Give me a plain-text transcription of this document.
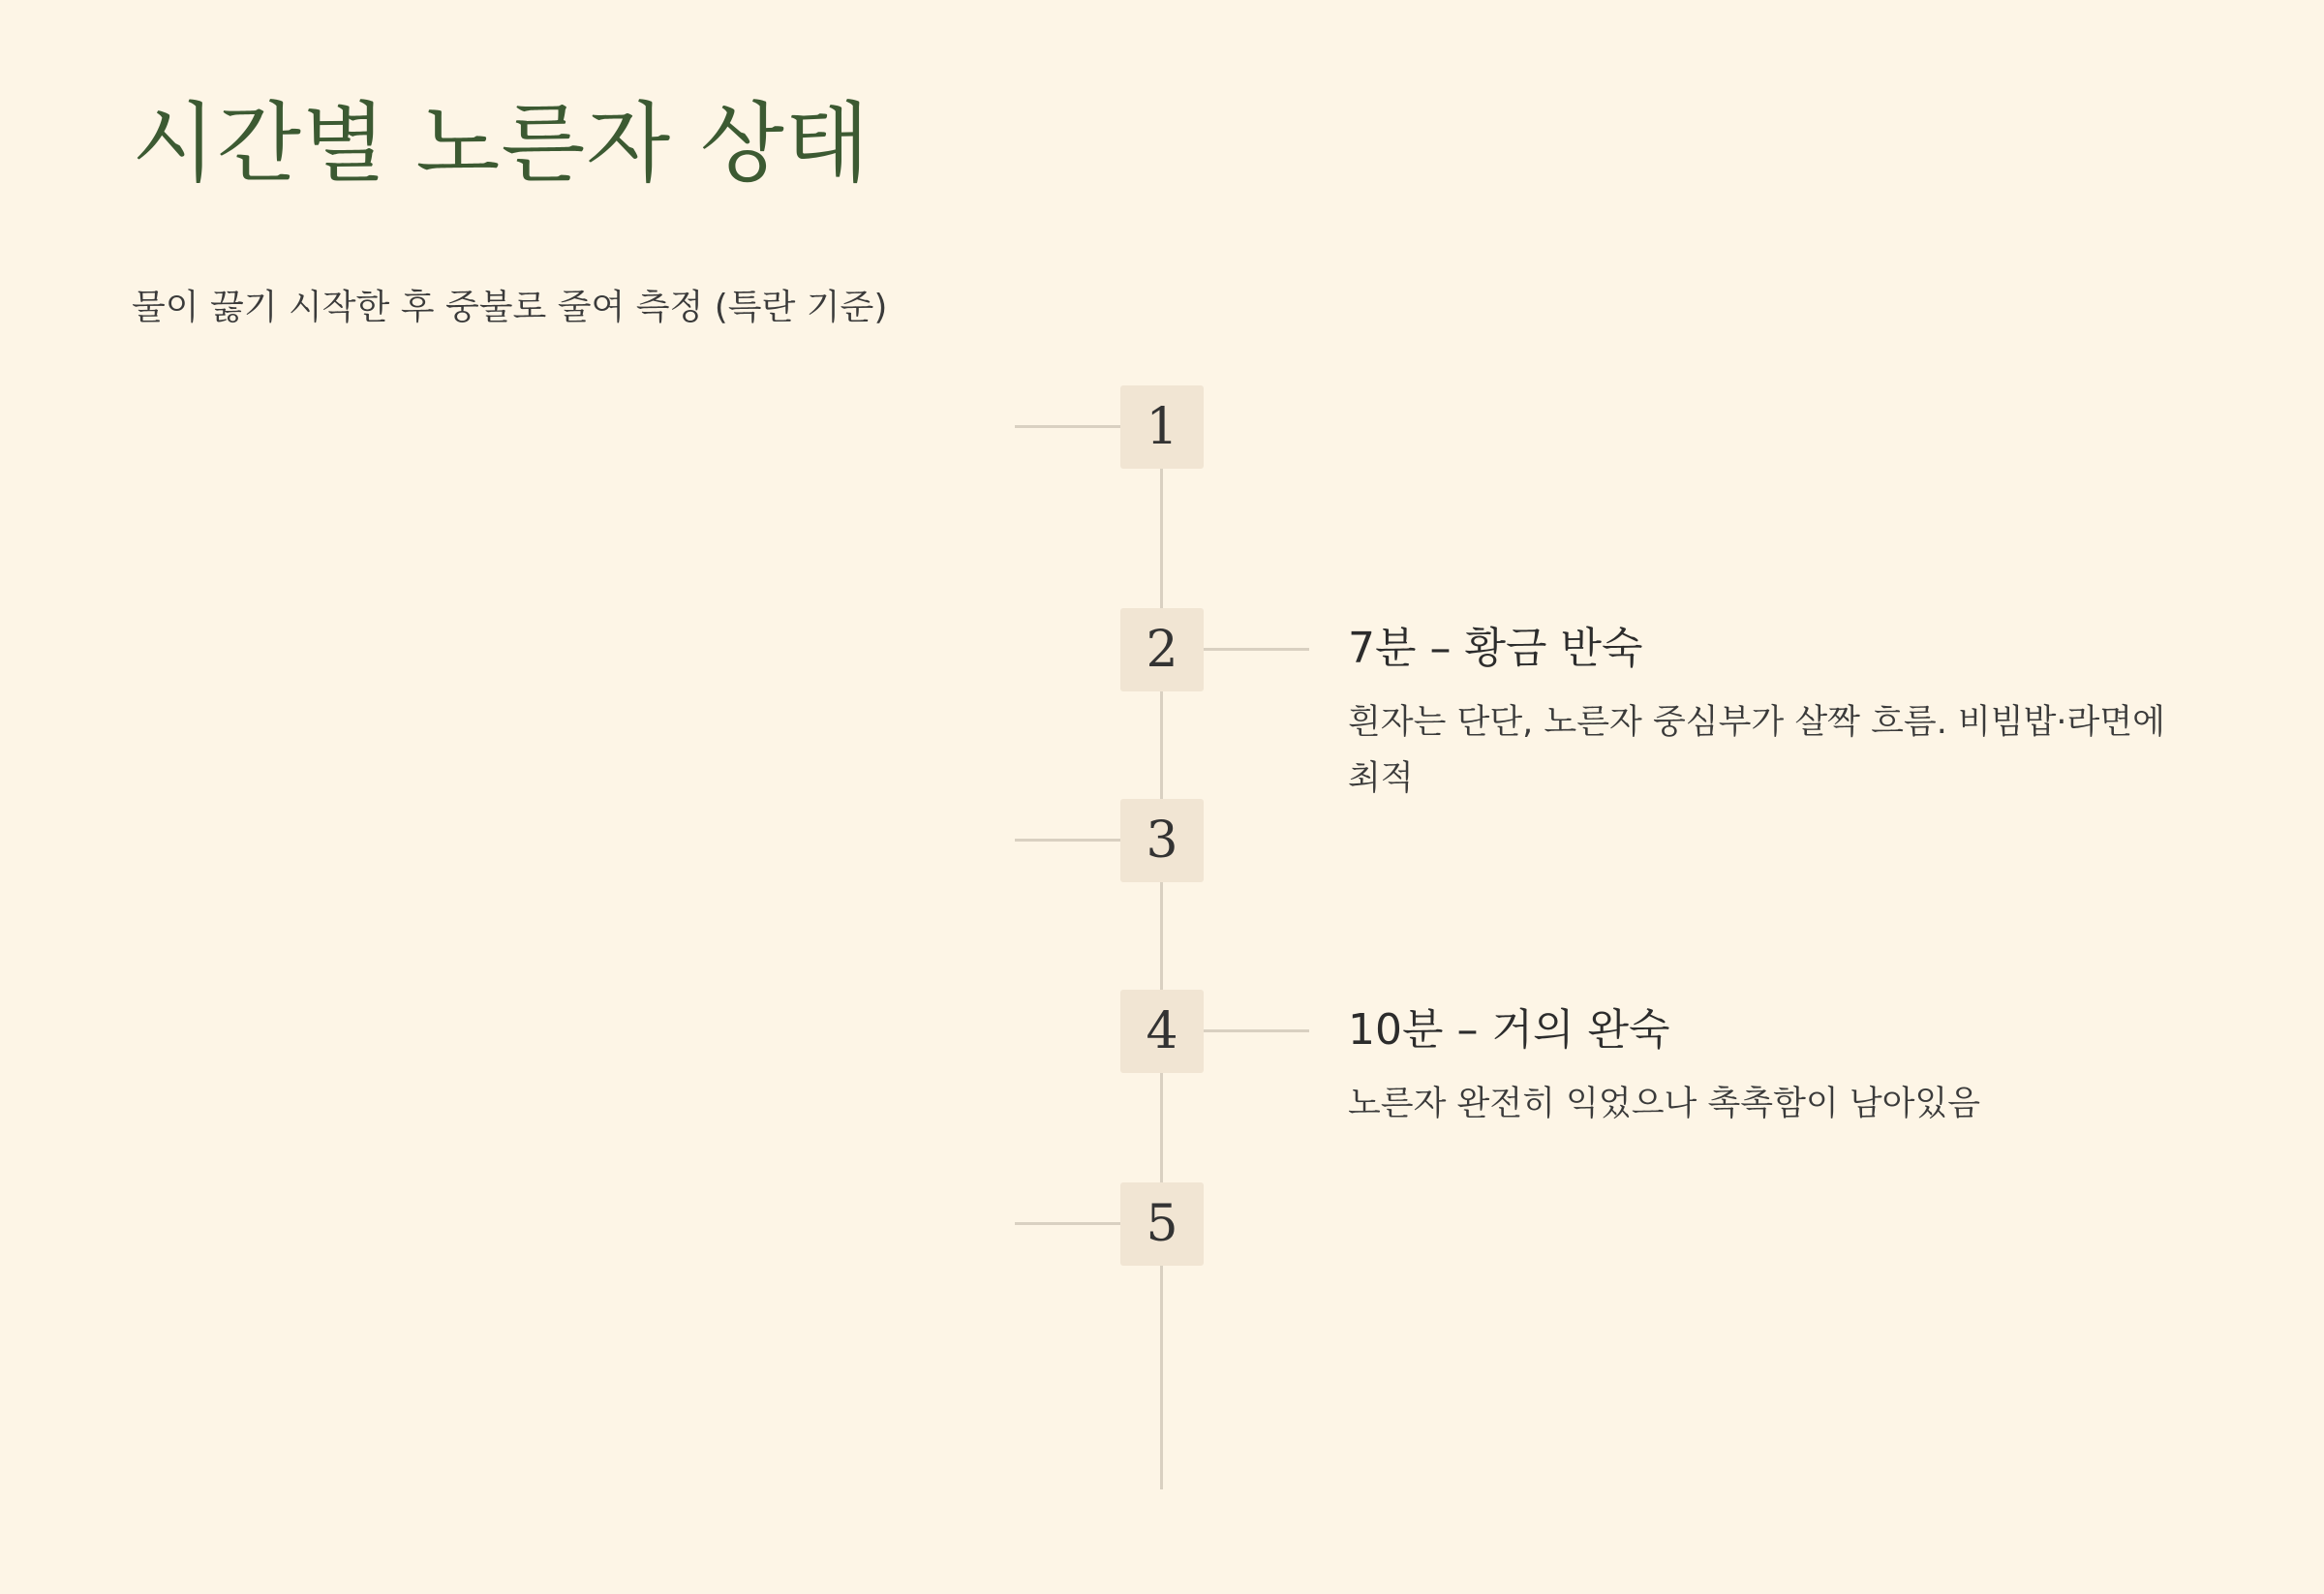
시간별 노른자 상태
물이 끓기 시작한 후 중불로 줄여 측정 (특란 기준)
1
2	7분 – 황금 반숙
흰자는 단단, 노른자 중심부가 살짝 흐름. 비빔밥·라면에 최적
3
4	10분 – 거의 완숙
노른자 완전히 익었으나 촉촉함이 남아있음
5
